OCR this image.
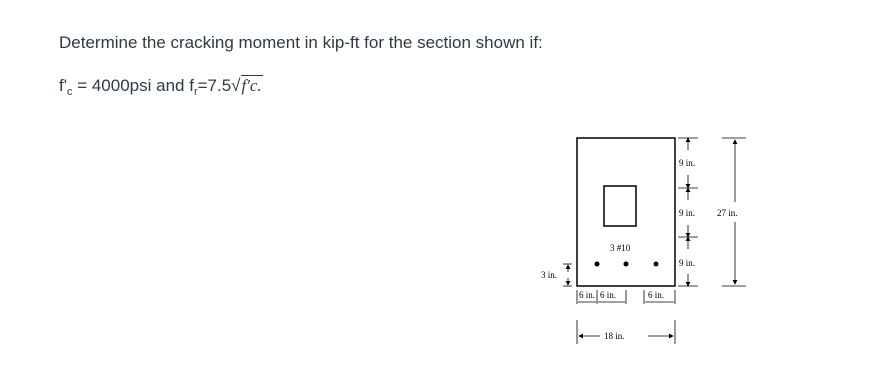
Determine the cracking moment in kip-ft for the section shown if:
$f'_c = 4000psi$ and $f_r=7.5√f'c$.
3 #10
9 in.
9 in.
9 in.
27 in.
3 in.
6 in. 6 in.	6 in.
18 in.
